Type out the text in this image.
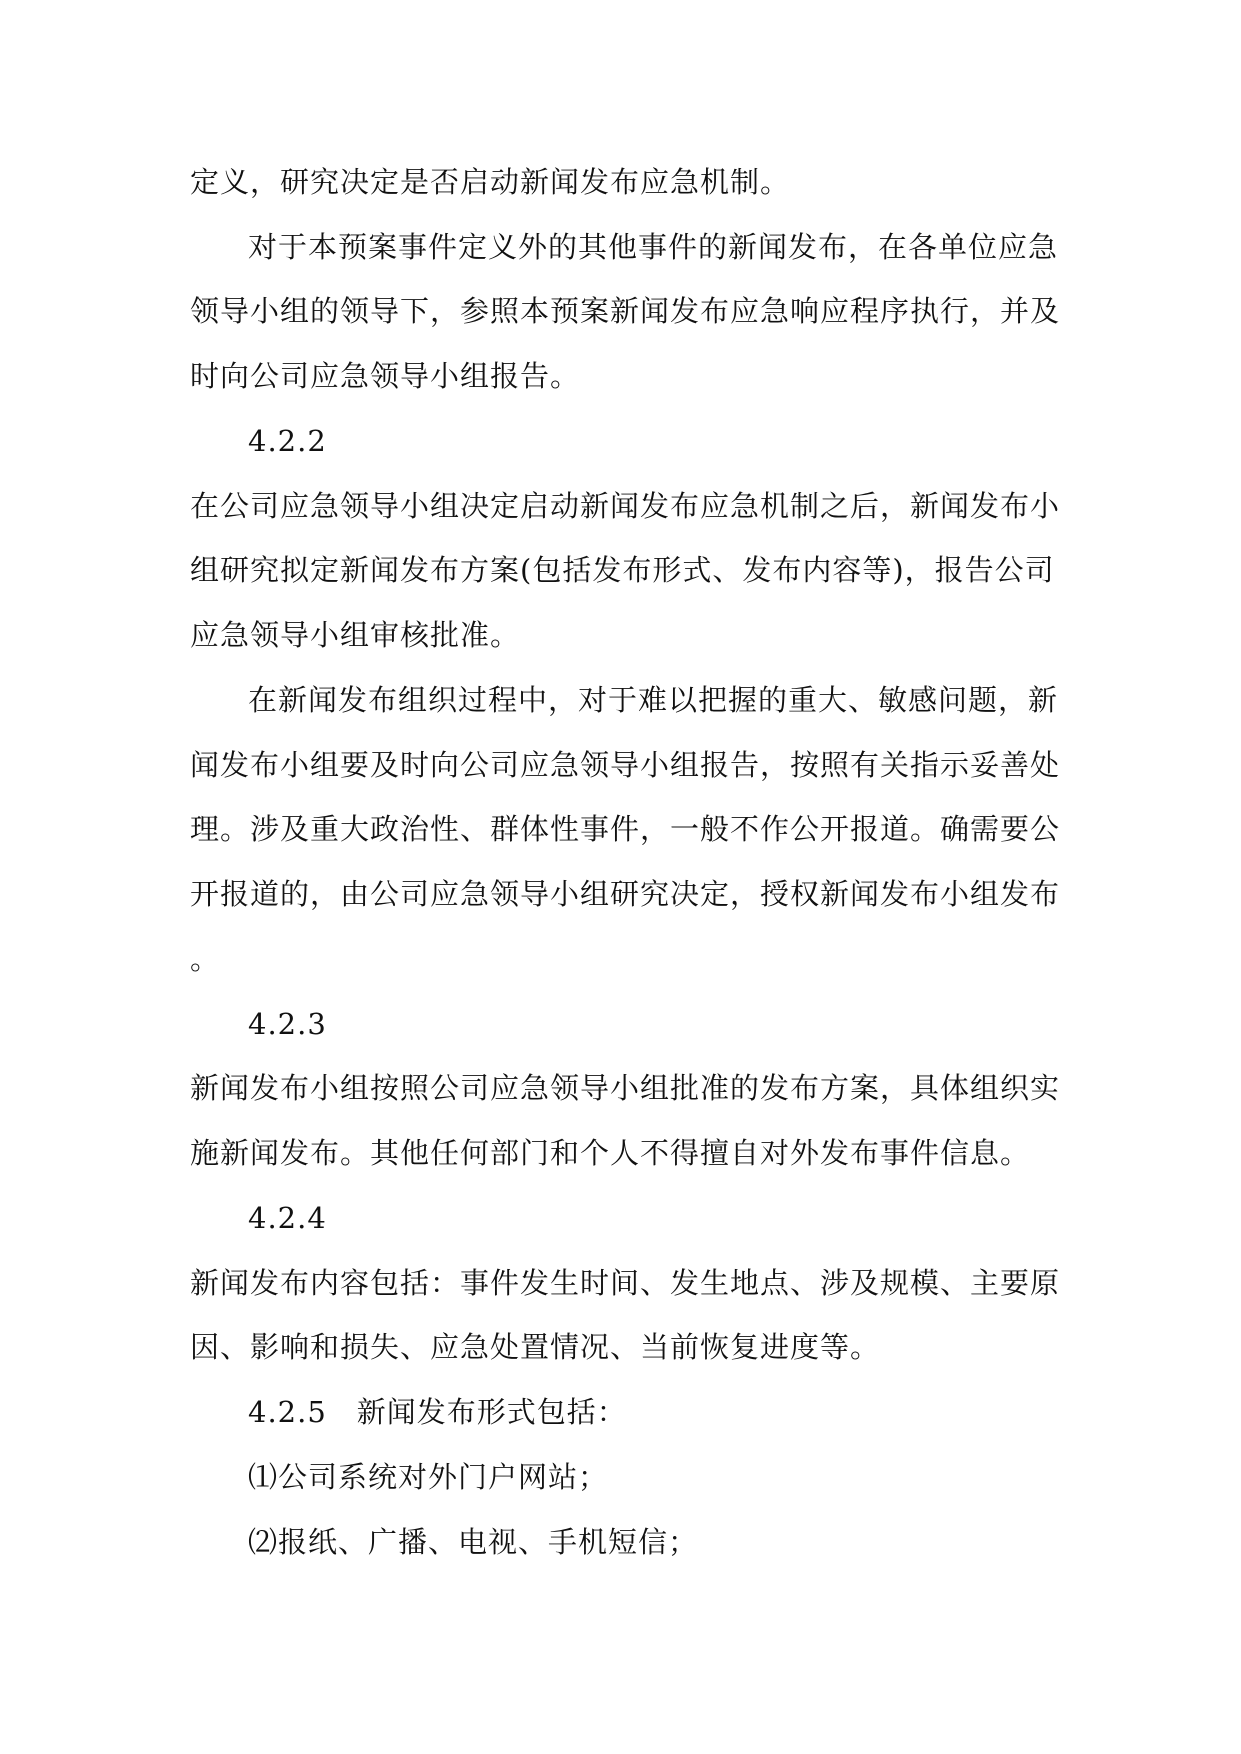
定义，研究决定是否启动新闻发布应急机制。
对于本预案事件定义外的其他事件的新闻发布，在各单位应急
领导小组的领导下，参照本预案新闻发布应急响应程序执行，并及
时向公司应急领导小组报告。
4.2.2
在公司应急领导小组决定启动新闻发布应急机制之后，新闻发布小
组研究拟定新闻发布方案(包括发布形式、发布内容等)，报告公司
应急领导小组审核批准。
在新闻发布组织过程中，对于难以把握的重大、敏感问题，新
闻发布小组要及时向公司应急领导小组报告，按照有关指示妥善处
理。涉及重大政治性、群体性事件，一般不作公开报道。确需要公
开报道的，由公司应急领导小组研究决定，授权新闻发布小组发布
。
4.2.3
新闻发布小组按照公司应急领导小组批准的发布方案，具体组织实
施新闻发布。其他任何部门和个人不得擅自对外发布事件信息。
4.2.4
新闻发布内容包括：事件发生时间、发生地点、涉及规模、主要原
因、影响和损失、应急处置情况、当前恢复进度等。
4.2.5　新闻发布形式包括：
⑴公司系统对外门户网站；
⑵报纸、广播、电视、手机短信；
